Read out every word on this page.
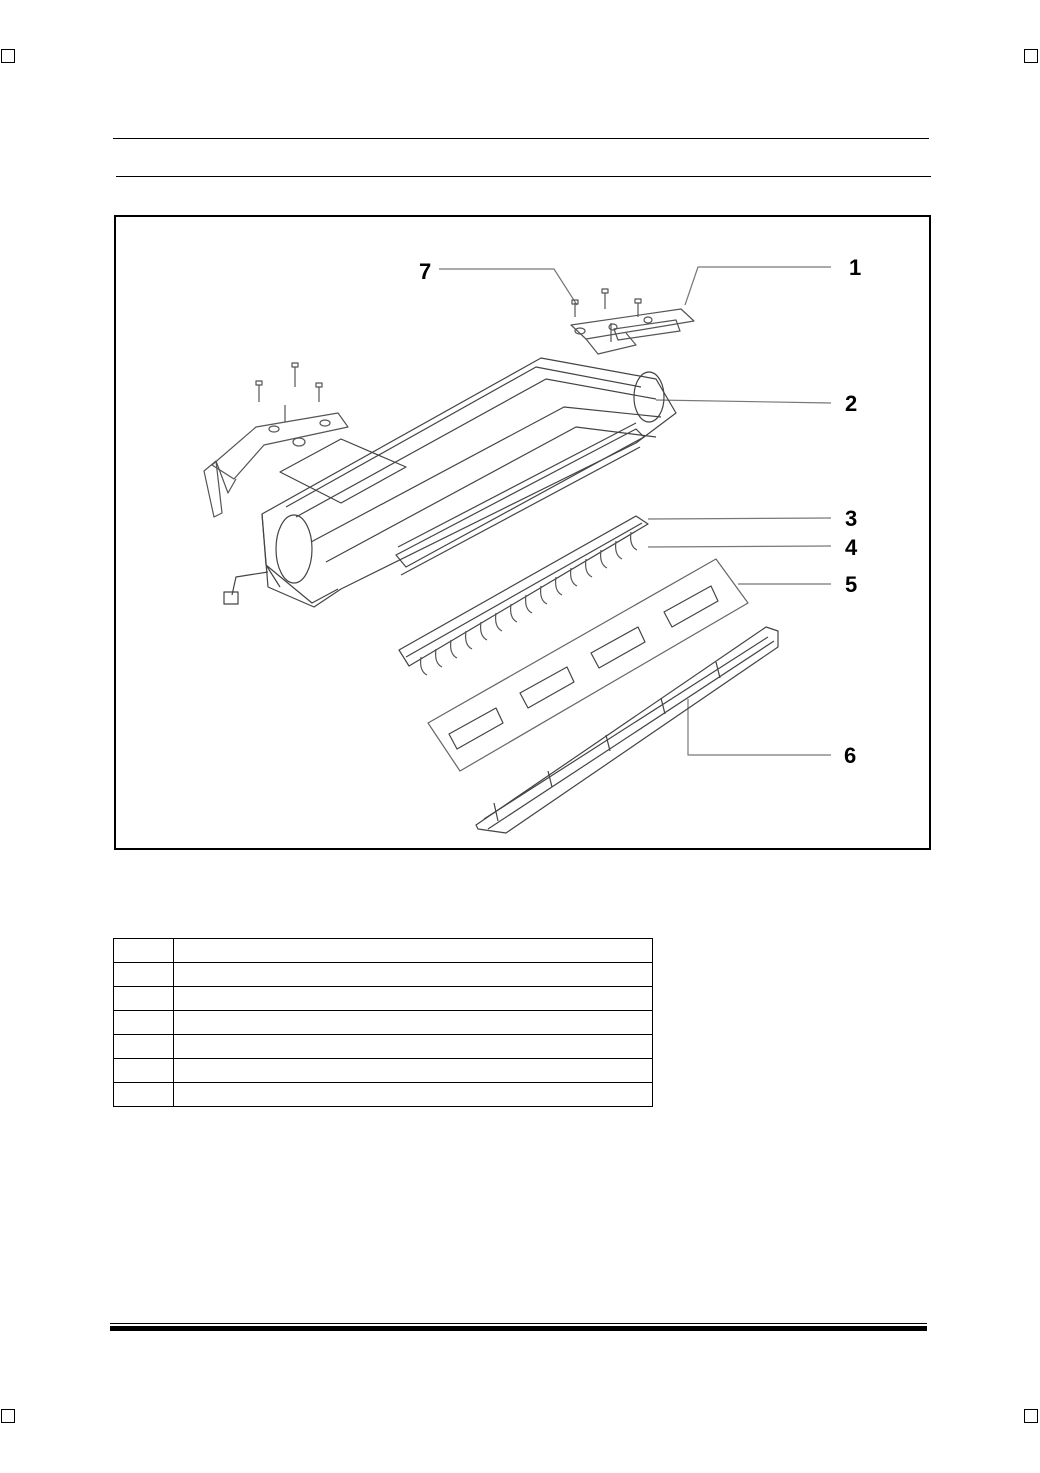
7	1
2
3
4
5
6
